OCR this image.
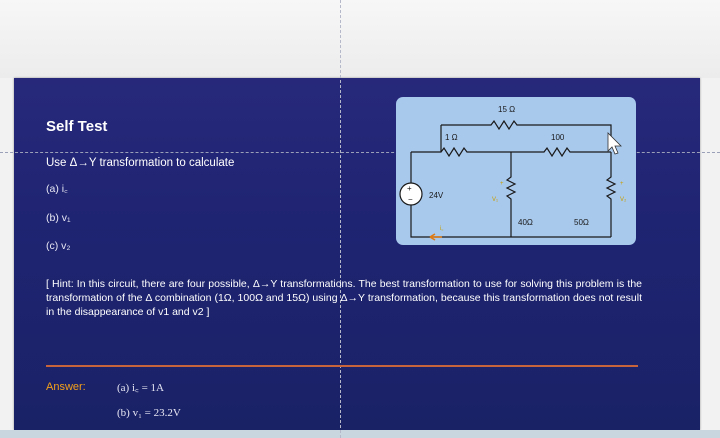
Self Test
Use Δ→Y transformation to calculate
(a) i꜀
(b) v₁
(c) v₂
15 Ω
1 Ω	100
+
− 24V
40Ω
V₁
+
50Ω
V₂
+
i꜀
[ Hint: In this circuit, there are four possible, Δ→Y transformations. The best transformation to use for solving this problem is the transformation of the Δ combination (1Ω, 100Ω and 15Ω) using Δ→Y transformation, because this transformation does not result in the disappearance of v1 and v2 ]
Answer:	(a) i꜀ = 1A
(b) v₁ = 23.2V
